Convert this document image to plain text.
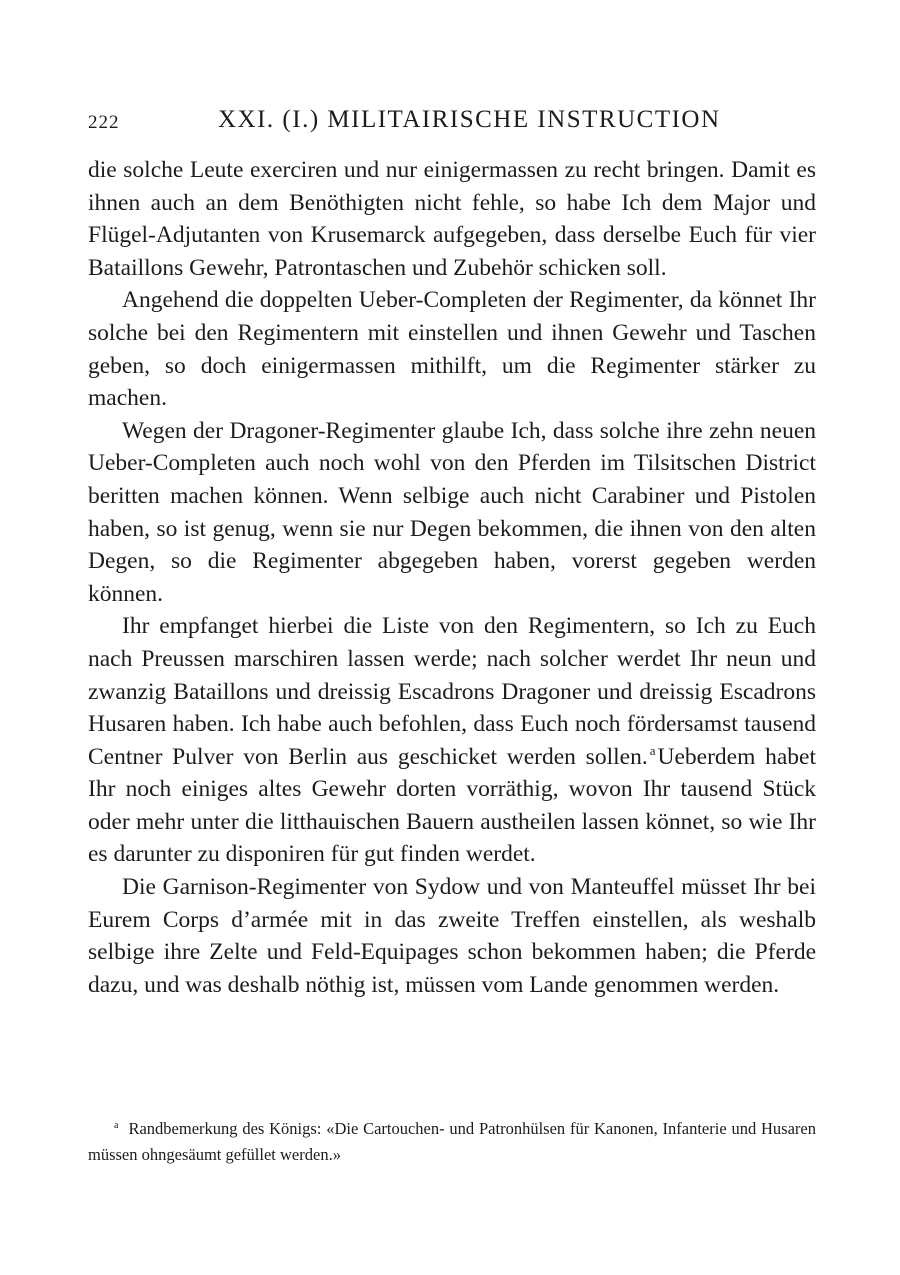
222	XXI. (I.) MILITAIRISCHE INSTRUCTION

die solche Leute exerciren und nur einigermassen zu recht bringen. Damit es ihnen auch an dem Benöthigten nicht fehle, so habe Ich dem Major und Flügel-Adjutanten von Krusemarck aufgegeben, dass derselbe Euch für vier Bataillons Gewehr, Patrontaschen und Zubehör schicken soll.

Angehend die doppelten Ueber-Completen der Regimenter, da könnet Ihr solche bei den Regimentern mit einstellen und ihnen Gewehr und Taschen geben, so doch einigermassen mithilft, um die Regimenter stärker zu machen.

Wegen der Dragoner-Regimenter glaube Ich, dass solche ihre zehn neuen Ueber-Completen auch noch wohl von den Pferden im Tilsitschen District beritten machen können. Wenn selbige auch nicht Carabiner und Pistolen haben, so ist genug, wenn sie nur Degen bekommen, die ihnen von den alten Degen, so die Regimenter abgegeben haben, vorerst gegeben werden können.

Ihr empfanget hierbei die Liste von den Regimentern, so Ich zu Euch nach Preussen marschiren lassen werde; nach solcher werdet Ihr neun und zwanzig Bataillons und dreissig Escadrons Dragoner und dreissig Escadrons Husaren haben. Ich habe auch befohlen, dass Euch noch fördersamst tausend Centner Pulver von Berlin aus geschicket werden sollen. $^a$Ueberdem habet Ihr noch einiges altes Gewehr dorten vorräthig, wovon Ihr tausend Stück oder mehr unter die litthauischen Bauern austheilen lassen könnet, so wie Ihr es darunter zu disponiren für gut finden werdet.

Die Garnison-Regimenter von Sydow und von Manteuffel müsset Ihr bei Eurem Corps d’armée mit in das zweite Treffen einstellen, als weshalb selbige ihre Zelte und Feld-Equipages schon bekommen haben; die Pferde dazu, und was deshalb nöthig ist, müssen vom Lande genommen werden.

$^a$ Randbemerkung des Königs: «Die Cartouchen- und Patronhülsen für Kanonen, Infanterie und Husaren müssen ohngesäumt gefüllet werden.»
